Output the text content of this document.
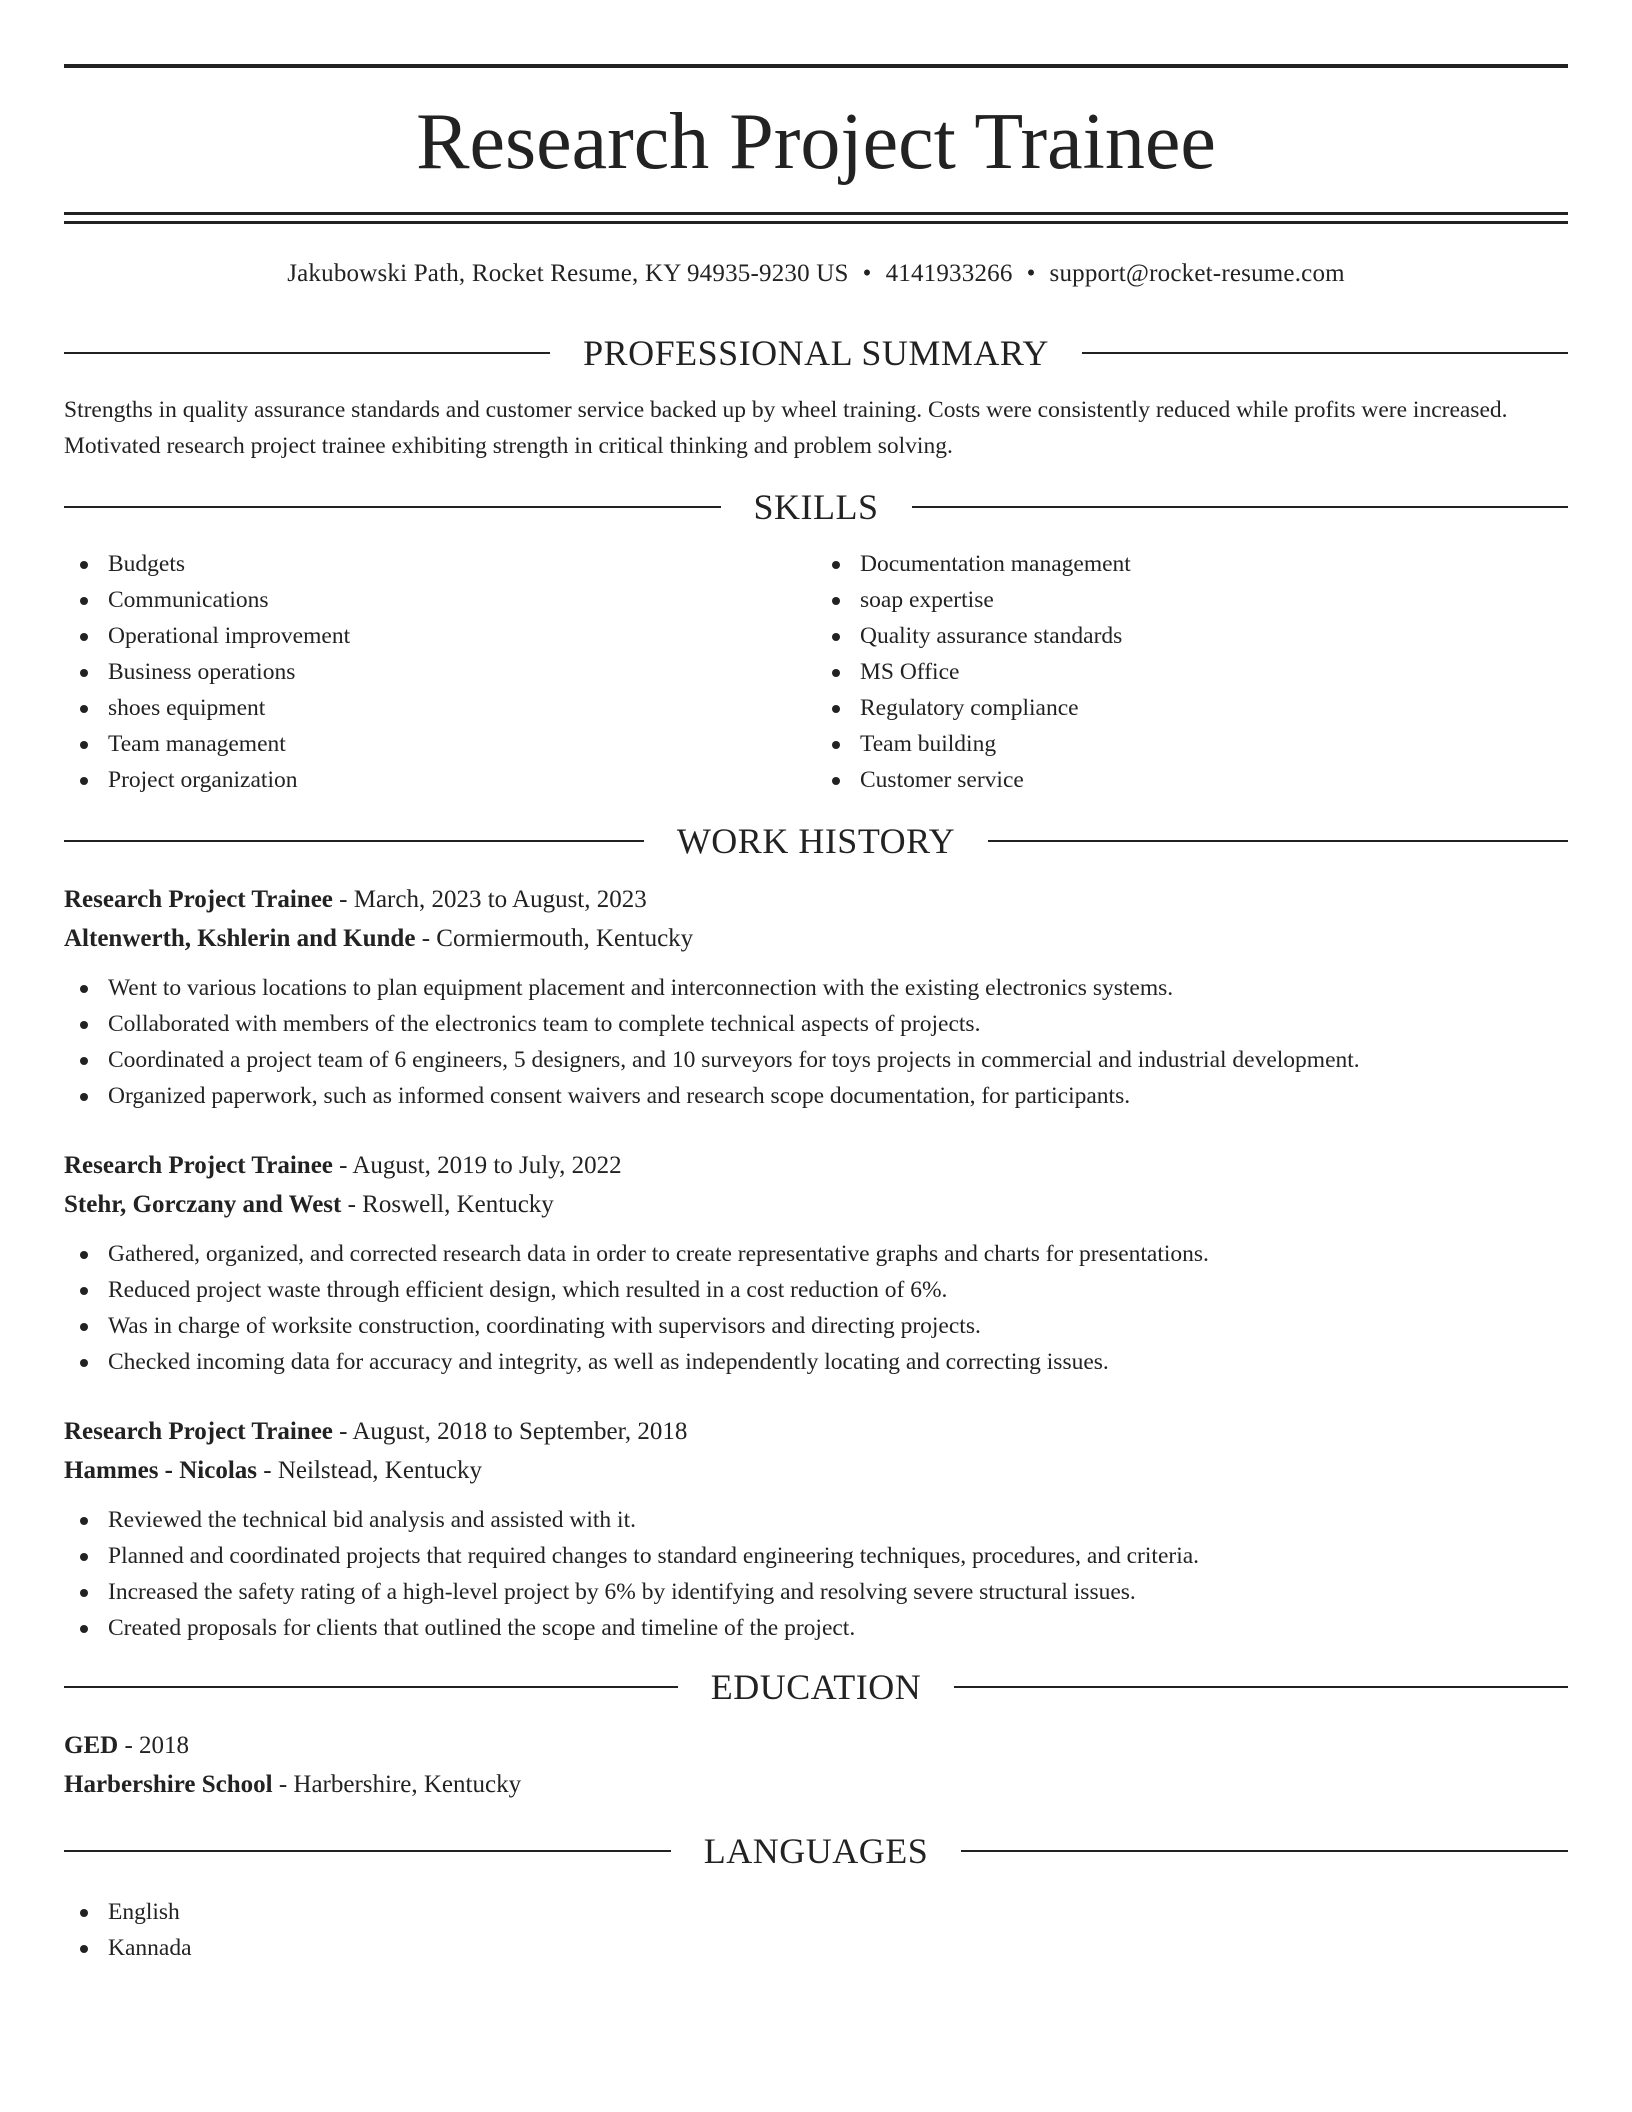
Research Project Trainee
Jakubowski Path, Rocket Resume, KY 94935-9230 US • 4141933266 • support@rocket-resume.com
PROFESSIONAL SUMMARY

Strengths in quality assurance standards and customer service backed up by wheel training. Costs were consistently reduced while profits were increased. Motivated research project trainee exhibiting strength in critical thinking and problem solving.

SKILLS
Budgets
Communications
Operational improvement
Business operations
shoes equipment
Team management
Project organization
Documentation management
soap expertise
Quality assurance standards
MS Office
Regulatory compliance
Team building
Customer service
WORK HISTORY
Research Project Trainee - March, 2023 to August, 2023
Altenwerth, Kshlerin and Kunde - Cormiermouth, Kentucky
Went to various locations to plan equipment placement and interconnection with the existing electronics systems.
Collaborated with members of the electronics team to complete technical aspects of projects.
Coordinated a project team of 6 engineers, 5 designers, and 10 surveyors for toys projects in commercial and industrial development.
Organized paperwork, such as informed consent waivers and research scope documentation, for participants.
Research Project Trainee - August, 2019 to July, 2022
Stehr, Gorczany and West - Roswell, Kentucky
Gathered, organized, and corrected research data in order to create representative graphs and charts for presentations.
Reduced project waste through efficient design, which resulted in a cost reduction of 6%.
Was in charge of worksite construction, coordinating with supervisors and directing projects.
Checked incoming data for accuracy and integrity, as well as independently locating and correcting issues.
Research Project Trainee - August, 2018 to September, 2018
Hammes - Nicolas - Neilstead, Kentucky
Reviewed the technical bid analysis and assisted with it.
Planned and coordinated projects that required changes to standard engineering techniques, procedures, and criteria.
Increased the safety rating of a high-level project by 6% by identifying and resolving severe structural issues.
Created proposals for clients that outlined the scope and timeline of the project.
EDUCATION
GED - 2018
Harbershire School - Harbershire, Kentucky
LANGUAGES
English
Kannada
